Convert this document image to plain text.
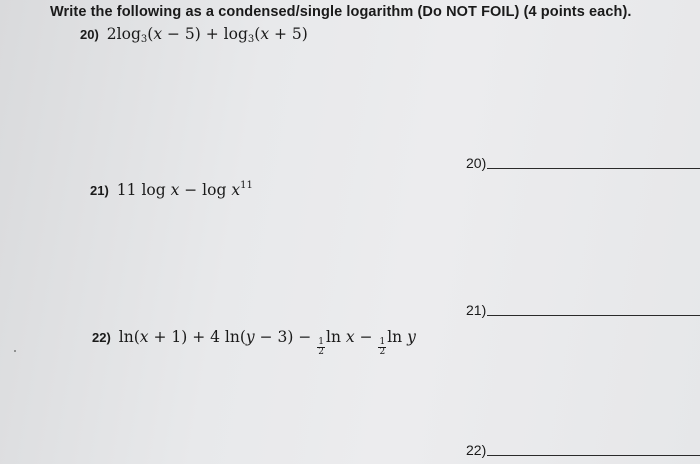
Write the following as a condensed/single logarithm (Do NOT FOIL) (4 points each).
20) $2\log_3(x - 5) + \log_3(x + 5)$
21) 11 $\log x - \log x^{11}$
22) ln(x + 1) + 4 ln(y − 3) −
$\frac{1}{2}$
ln x −
$\frac{1}{2}$
ln y
20)
21)
22)
